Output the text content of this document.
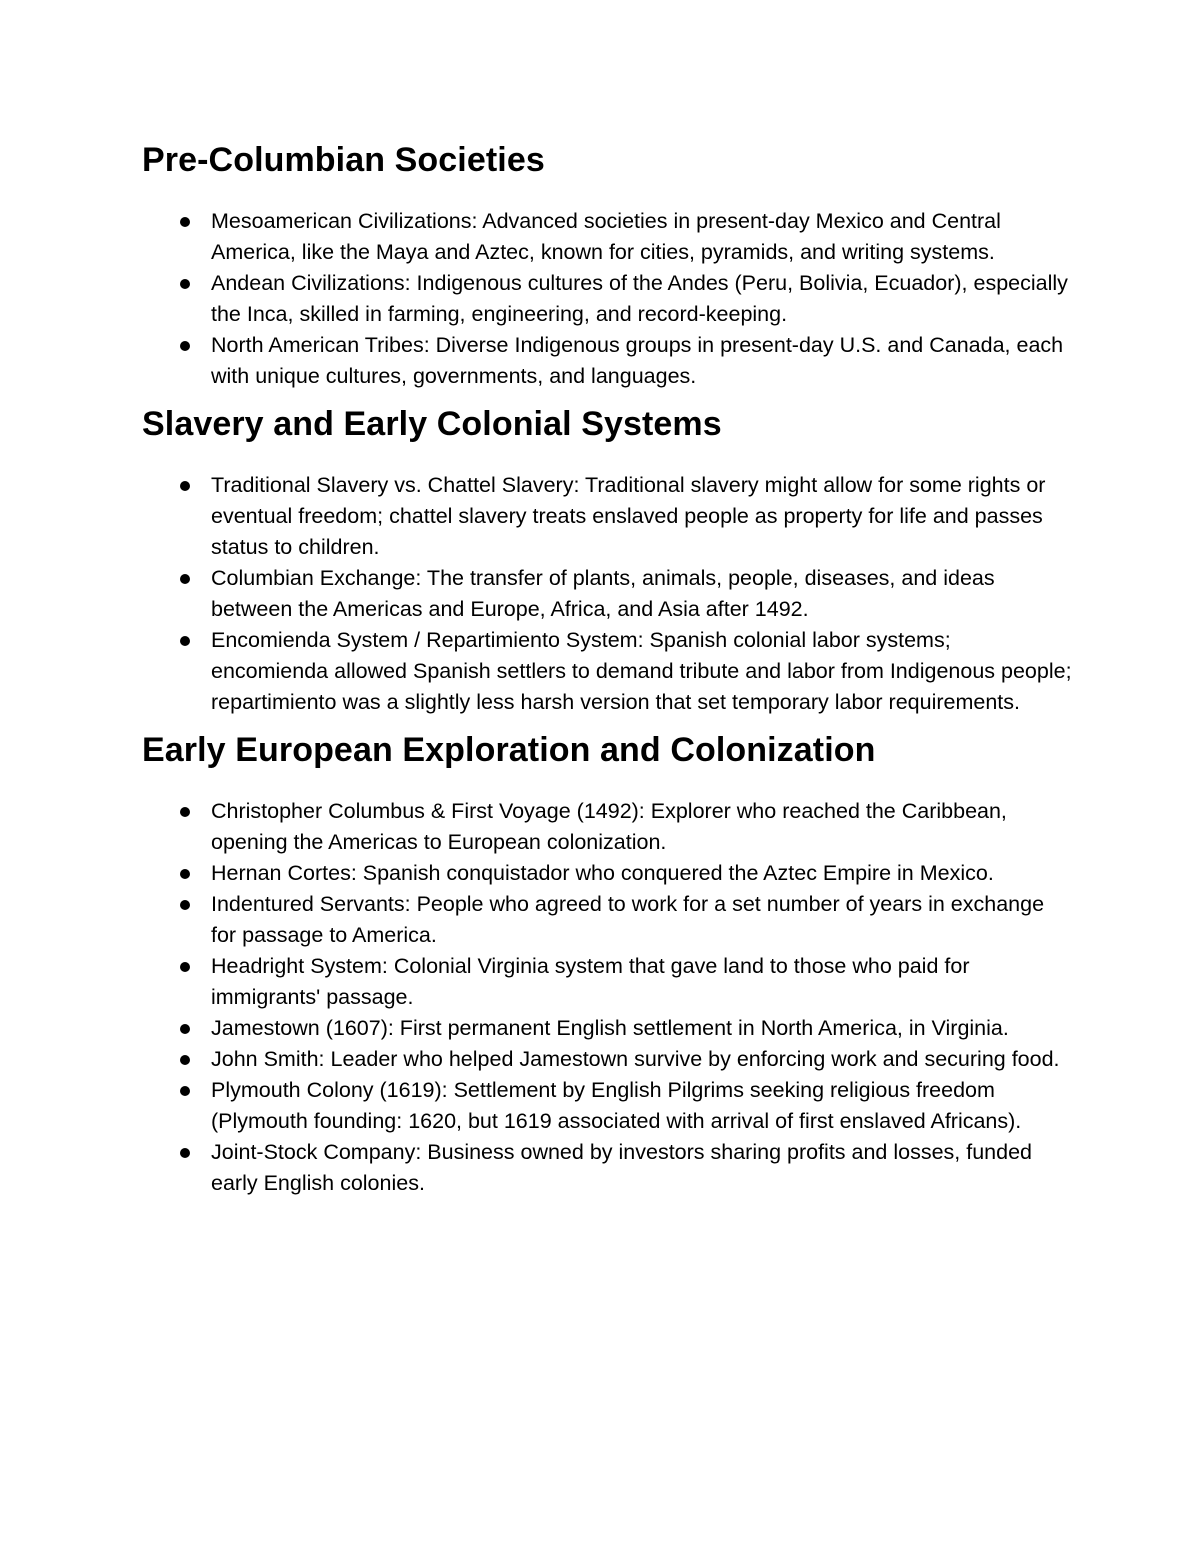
Pre-Columbian Societies
Mesoamerican Civilizations: Advanced societies in present-day Mexico and Central America, like the Maya and Aztec, known for cities, pyramids, and writing systems.
Andean Civilizations: Indigenous cultures of the Andes (Peru, Bolivia, Ecuador), especially the Inca, skilled in farming, engineering, and record-keeping.
North American Tribes: Diverse Indigenous groups in present-day U.S. and Canada, each with unique cultures, governments, and languages.
Slavery and Early Colonial Systems
Traditional Slavery vs. Chattel Slavery: Traditional slavery might allow for some rights or eventual freedom; chattel slavery treats enslaved people as property for life and passes status to children.
Columbian Exchange: The transfer of plants, animals, people, diseases, and ideas between the Americas and Europe, Africa, and Asia after 1492.
Encomienda System / Repartimiento System: Spanish colonial labor systems; encomienda allowed Spanish settlers to demand tribute and labor from Indigenous people; repartimiento was a slightly less harsh version that set temporary labor requirements.
Early European Exploration and Colonization
Christopher Columbus & First Voyage (1492): Explorer who reached the Caribbean, opening the Americas to European colonization.
Hernan Cortes: Spanish conquistador who conquered the Aztec Empire in Mexico.
Indentured Servants: People who agreed to work for a set number of years in exchange for passage to America.
Headright System: Colonial Virginia system that gave land to those who paid for immigrants' passage.
Jamestown (1607): First permanent English settlement in North America, in Virginia.
John Smith: Leader who helped Jamestown survive by enforcing work and securing food.
Plymouth Colony (1619): Settlement by English Pilgrims seeking religious freedom (Plymouth founding: 1620, but 1619 associated with arrival of first enslaved Africans).
Joint-Stock Company: Business owned by investors sharing profits and losses, funded early English colonies.
